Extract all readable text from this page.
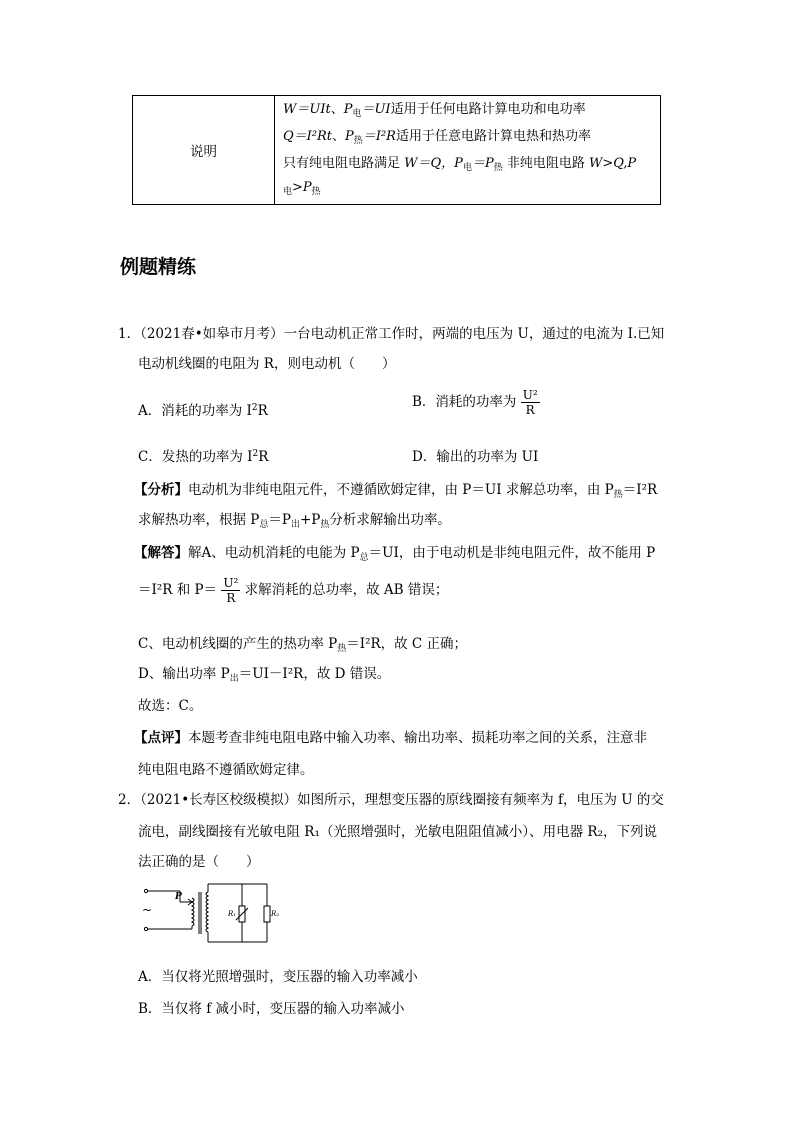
说明
W＝UIt、$P_电=UI$适用于任何电路计算电功和电功率
Q＝I²Rt、$P_热=I^2R$适用于任意电路计算电热和热功率
只有纯电阻电路满足 W＝Q，$P_电=P_热$ 非纯电阻电路 W>Q,P
$_电>P_热$
例题精练
1．（2021春•如皋市月考）一台电动机正常工作时，两端的电压为 U，通过的电流为 I.已知
电动机线圈的电阻为 R，则电动机（　　）
A．消耗的功率为 $I^2R$
B．消耗的功率为 $\frac{\text{U²}}{R}$
C．发热的功率为 $I^2R$	D．输出的功率为 UI
【分析】电动机为非纯电阻元件，不遵循欧姆定律，由 P＝UI 求解总功率，由 $P_热=I^2R$
求解热功率，根据 $P_总=P_出+P_热$分析求解输出功率。
【解答】解A、电动机消耗的电能为 $P_总=UI$，由于电动机是非纯电阻元件，故不能用 P
＝I²R 和 $P= \frac{\text{U²}}{R}$ 求解消耗的总功率，故 AB 错误；
C、电动机线圈的产生的热功率 $P_热=I^2R$，故 C 正确；
D、输出功率 $P_出=UI-I^2R$，故 D 错误。
故选：C。
【点评】本题考查非纯电阻电路中输入功率、输出功率、损耗功率之间的关系，注意非
纯电阻电路不遵循欧姆定律。
2．（2021•长寿区校级模拟）如图所示，理想变压器的原线圈接有频率为 f，电压为 U 的交
流电，副线圈接有光敏电阻 R₁（光照增强时，光敏电阻阻值减小）、用电器 R₂，下列说
法正确的是（　　）
~
P
R₁	R₂
A．当仅将光照增强时，变压器的输入功率减小
B．当仅将 f 减小时，变压器的输入功率减小
